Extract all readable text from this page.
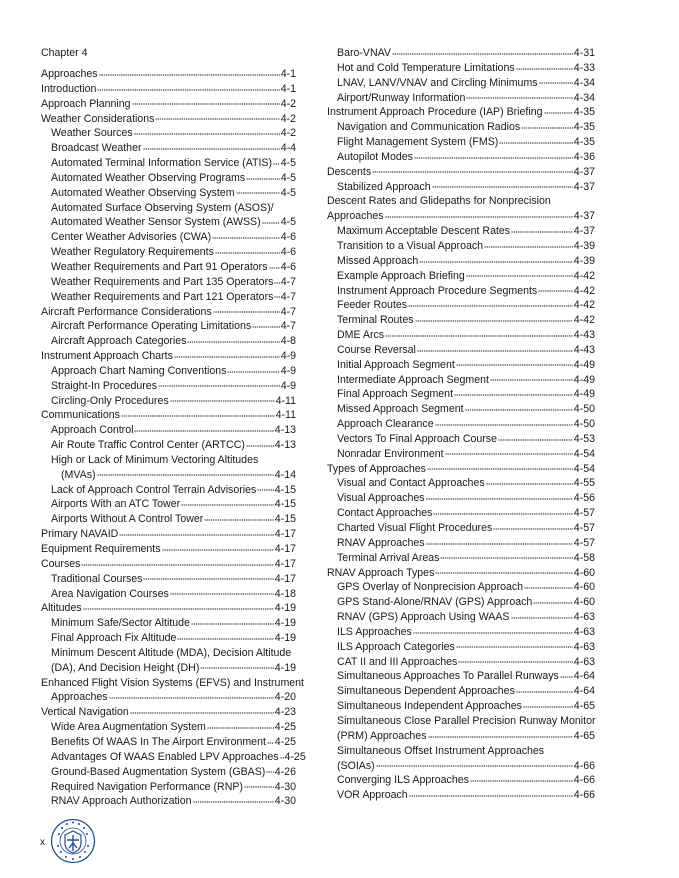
Chapter 4
Approaches	4-1
Introduction	4-1
Approach Planning	4-2
Weather Considerations	4-2
Weather Sources	4-2
Broadcast Weather	4-4
Automated Terminal Information Service (ATIS) 4-5
Automated Weather Observing Programs	4-5
Automated Weather Observing System	4-5
Automated Surface Observing System (ASOS)/
Automated Weather Sensor System (AWSS) 4-5
Center Weather Advisories (CWA)	4-6
Weather Regulatory Requirements	4-6
Weather Requirements and Part 91 Operators 4-6
Weather Requirements and Part 135 Operators 4-7
Weather Requirements and Part 121 Operators 4-7
Aircraft Performance Considerations	4-7
Aircraft Performance Operating Limitations	4-7
Aircraft Approach Categories	4-8
Instrument Approach Charts	4-9
Approach Chart Naming Conventions	4-9
Straight-In Procedures	4-9
Circling-Only Procedures	4-11
Communications	4-11
Approach Control	4-13
Air Route Traffic Control Center (ARTCC)	4-13
High or Lack of Minimum Vectoring Altitudes
(MVAs)	4-14
Lack of Approach Control Terrain Advisories 4-15
Airports With an ATC Tower	4-15
Airports Without A Control Tower	4-15
Primary NAVAID	4-17
Equipment Requirements	4-17
Courses	4-17
Traditional Courses	4-17
Area Navigation Courses	4-18
Altitudes	4-19
Minimum Safe/Sector Altitude	4-19
Final Approach Fix Altitude	4-19
Minimum Descent Altitude (MDA), Decision Altitude
(DA), And Decision Height (DH)	4-19
Enhanced Flight Vision Systems (EFVS) and Instrument
Approaches	4-20
Vertical Navigation	4-23
Wide Area Augmentation System	4-25
Benefits Of WAAS In The Airport Environment 4-25
Advantages Of WAAS Enabled LPV Approaches 4-25
Ground-Based Augmentation System (GBAS) 4-26
Required Navigation Performance (RNP)	4-30
RNAV Approach Authorization	4-30
Baro-VNAV	4-31
Hot and Cold Temperature Limitations	4-33
LNAV, LANV/VNAV and Circling Minimums	4-34
Airport/Runway Information	4-34
Instrument Approach Procedure (IAP) Briefing	4-35
Navigation and Communication Radios	4-35
Flight Management System (FMS)	4-35
Autopilot Modes	4-36
Descents	4-37
Stabilized Approach	4-37
Descent Rates and Glidepaths for Nonprecision
Approaches	4-37
Maximum Acceptable Descent Rates	4-37
Transition to a Visual Approach	4-39
Missed Approach	4-39
Example Approach Briefing	4-42
Instrument Approach Procedure Segments	4-42
Feeder Routes	4-42
Terminal Routes	4-42
DME Arcs	4-43
Course Reversal	4-43
Initial Approach Segment	4-49
Intermediate Approach Segment	4-49
Final Approach Segment	4-49
Missed Approach Segment	4-50
Approach Clearance	4-50
Vectors To Final Approach Course	4-53
Nonradar Environment	4-54
Types of Approaches	4-54
Visual and Contact Approaches	4-55
Visual Approaches	4-56
Contact Approaches	4-57
Charted Visual Flight Procedures	4-57
RNAV Approaches	4-57
Terminal Arrival Areas	4-58
RNAV Approach Types	4-60
GPS Overlay of Nonprecision Approach	4-60
GPS Stand-Alone/RNAV (GPS) Approach	4-60
RNAV (GPS) Approach Using WAAS	4-63
ILS Approaches	4-63
ILS Approach Categories	4-63
CAT II and III Approaches	4-63
Simultaneous Approaches To Parallel Runways 4-64
Simultaneous Dependent Approaches	4-64
Simultaneous Independent Approaches	4-65
Simultaneous Close Parallel Precision Runway Monitor
(PRM) Approaches	4-65
Simultaneous Offset Instrument Approaches
(SOIAs)	4-66
Converging ILS Approaches	4-66
VOR Approach	4-66
x
